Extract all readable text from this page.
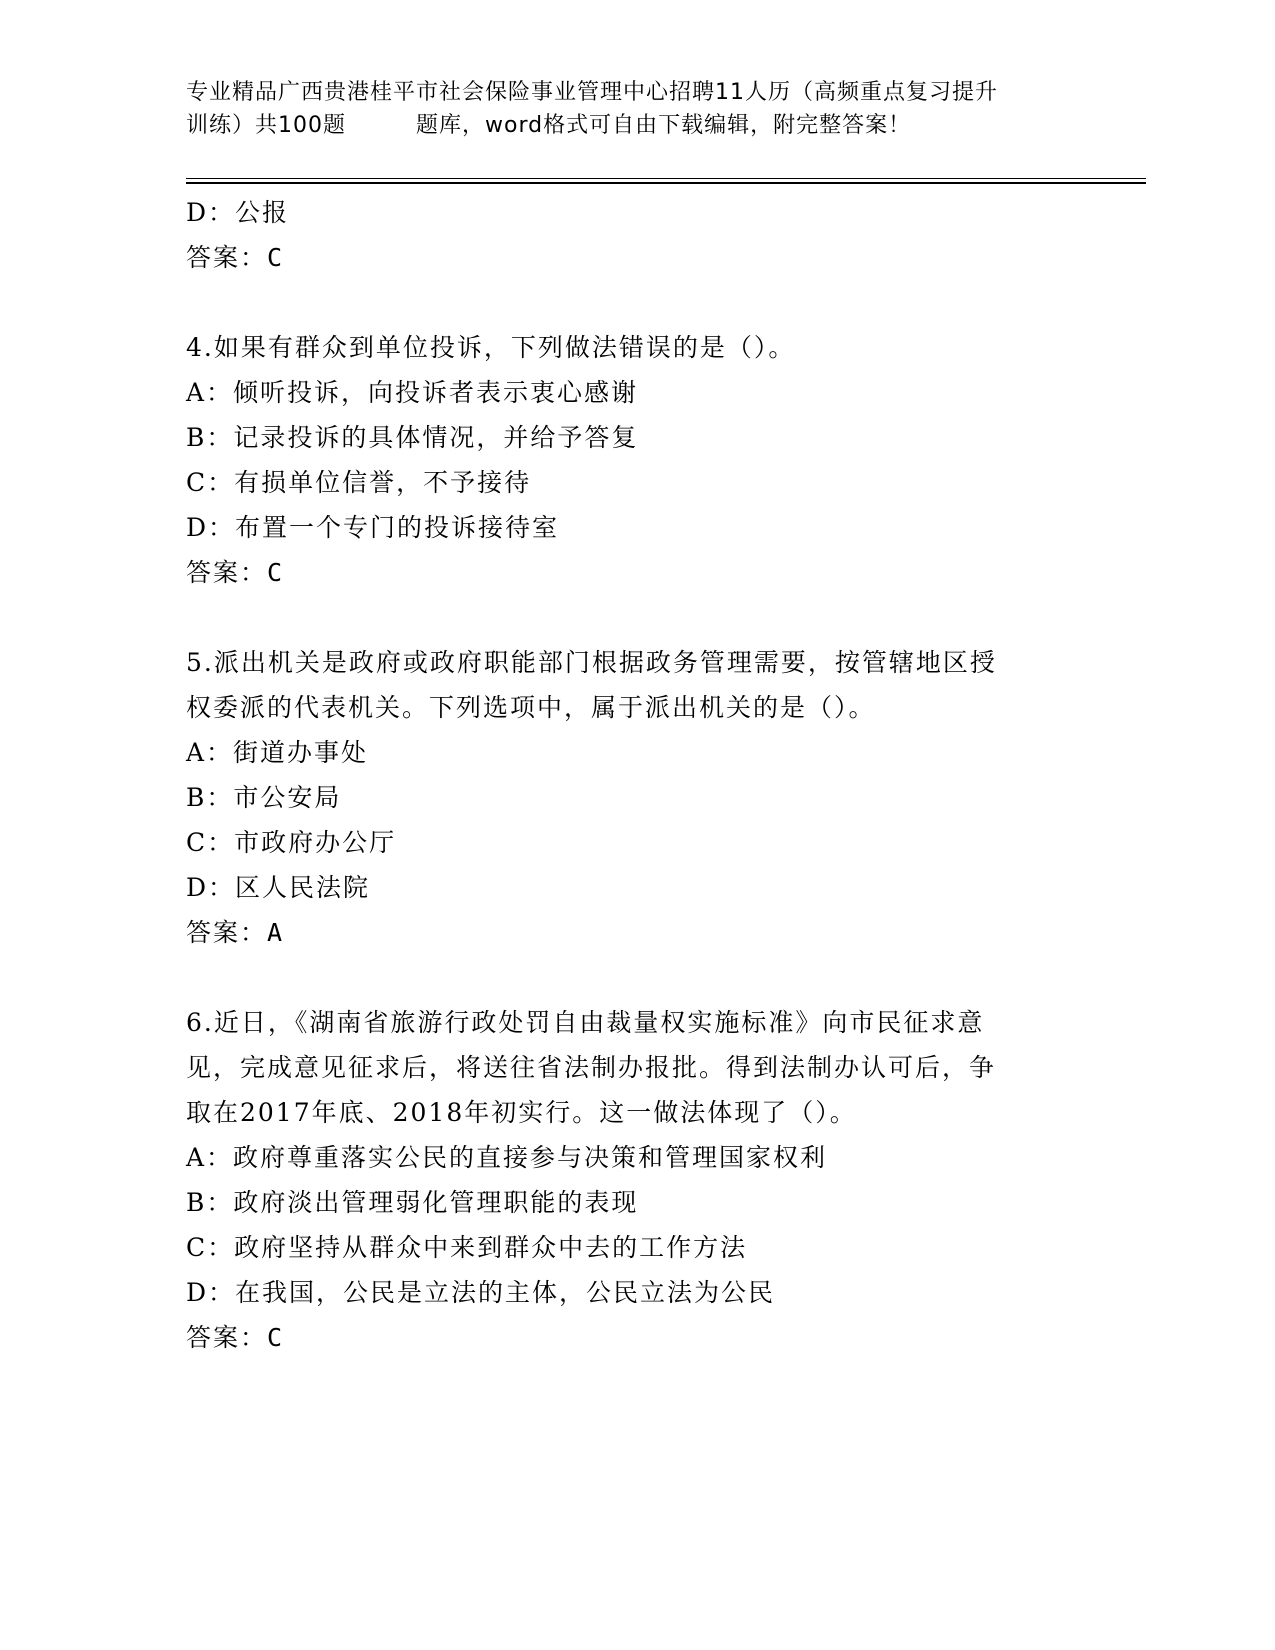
专业精品广西贵港桂平市社会保险事业管理中心招聘11人历（高频重点复习提升
训练）共100题	题库，word格式可自由下载编辑，附完整答案！
D：公报
答案：C
4.如果有群众到单位投诉，下列做法错误的是（）。
A：倾听投诉，向投诉者表示衷心感谢
B：记录投诉的具体情况，并给予答复
C：有损单位信誉，不予接待
D：布置一个专门的投诉接待室
答案：C
5.派出机关是政府或政府职能部门根据政务管理需要，按管辖地区授
权委派的代表机关。下列选项中，属于派出机关的是（）。
A：街道办事处
B：市公安局
C：市政府办公厅
D：区人民法院
答案：A
6.近日，《湖南省旅游行政处罚自由裁量权实施标准》向市民征求意
见，完成意见征求后，将送往省法制办报批。得到法制办认可后，争
取在2017年底、2018年初实行。这一做法体现了（）。
A：政府尊重落实公民的直接参与决策和管理国家权利
B：政府淡出管理弱化管理职能的表现
C：政府坚持从群众中来到群众中去的工作方法
D：在我国，公民是立法的主体，公民立法为公民
答案：C
